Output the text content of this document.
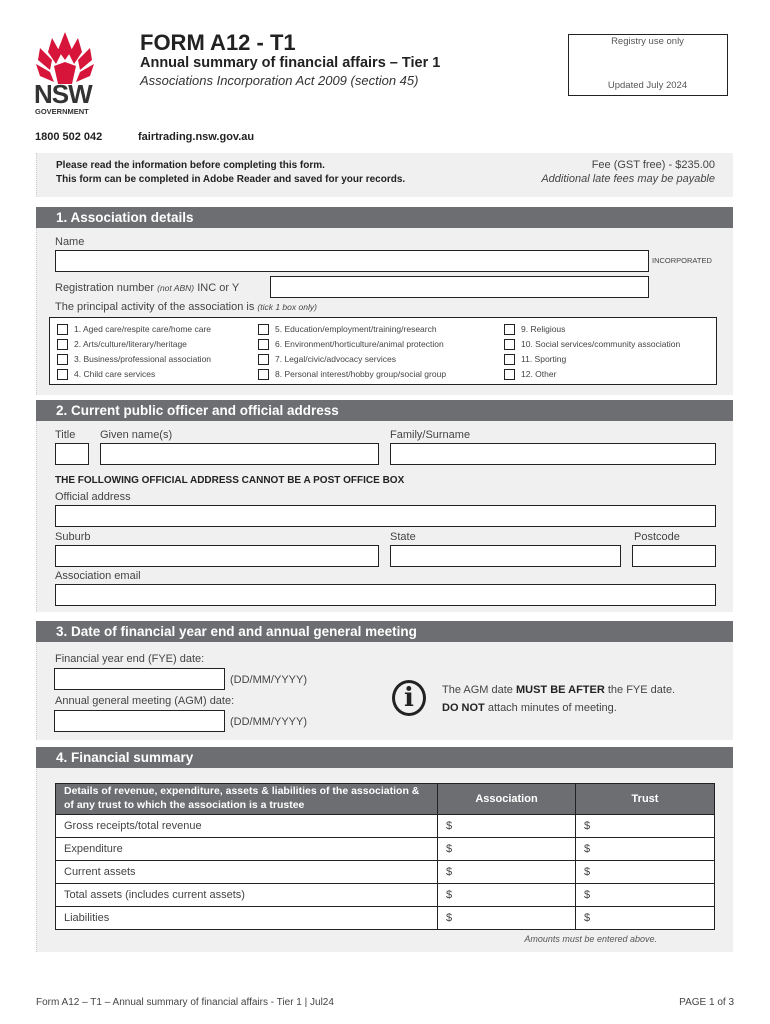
NSW
GOVERNMENT
FORM A12 - T1
Annual summary of financial affairs – Tier 1
Associations Incorporation Act 2009 (section 45)
Registry use only
Updated July 2024
1800 502 042	fairtrading.nsw.gov.au
Please read the information before completing this form.
This form can be completed in Adobe Reader and saved for your records.
Fee (GST free) - $235.00
Additional late fees may be payable
1. Association details
Name
INCORPORATED
Registration number (not ABN) INC or Y
The principal activity of the association is (tick 1 box only)
1. Aged care/respite care/home care
2. Arts/culture/literary/heritage
3. Business/professional association
4. Child care services
5. Education/employment/training/research
6. Environment/horticulture/animal protection
7. Legal/civic/advocacy services
8. Personal interest/hobby group/social group
9. Religious
10. Social services/community association
11. Sporting
12. Other
2. Current public officer and official address
Title Given name(s)	Family/Surname
THE FOLLOWING OFFICIAL ADDRESS CANNOT BE A POST OFFICE BOX
Official address
Suburb	State	Postcode
Association email
3. Date of financial year end and annual general meeting
Financial year end (FYE) date:
(DD/MM/YYYY)
Annual general meeting (AGM) date:
(DD/MM/YYYY)
i	The AGM date MUST BE AFTER the FYE date.
DO NOT attach minutes of meeting.
4. Financial summary
Details of revenue, expenditure, assets & liabilities of the association & of any trust to which the association is a trustee	Association	Trust
Gross receipts/total revenue	$	$
Expenditure	$	$
Current assets	$	$
Total assets (includes current assets)	$	$
Liabilities	$	$
Amounts must be entered above.
Form A12 – T1 – Annual summary of financial affairs - Tier 1 | Jul24	PAGE 1 of 3
